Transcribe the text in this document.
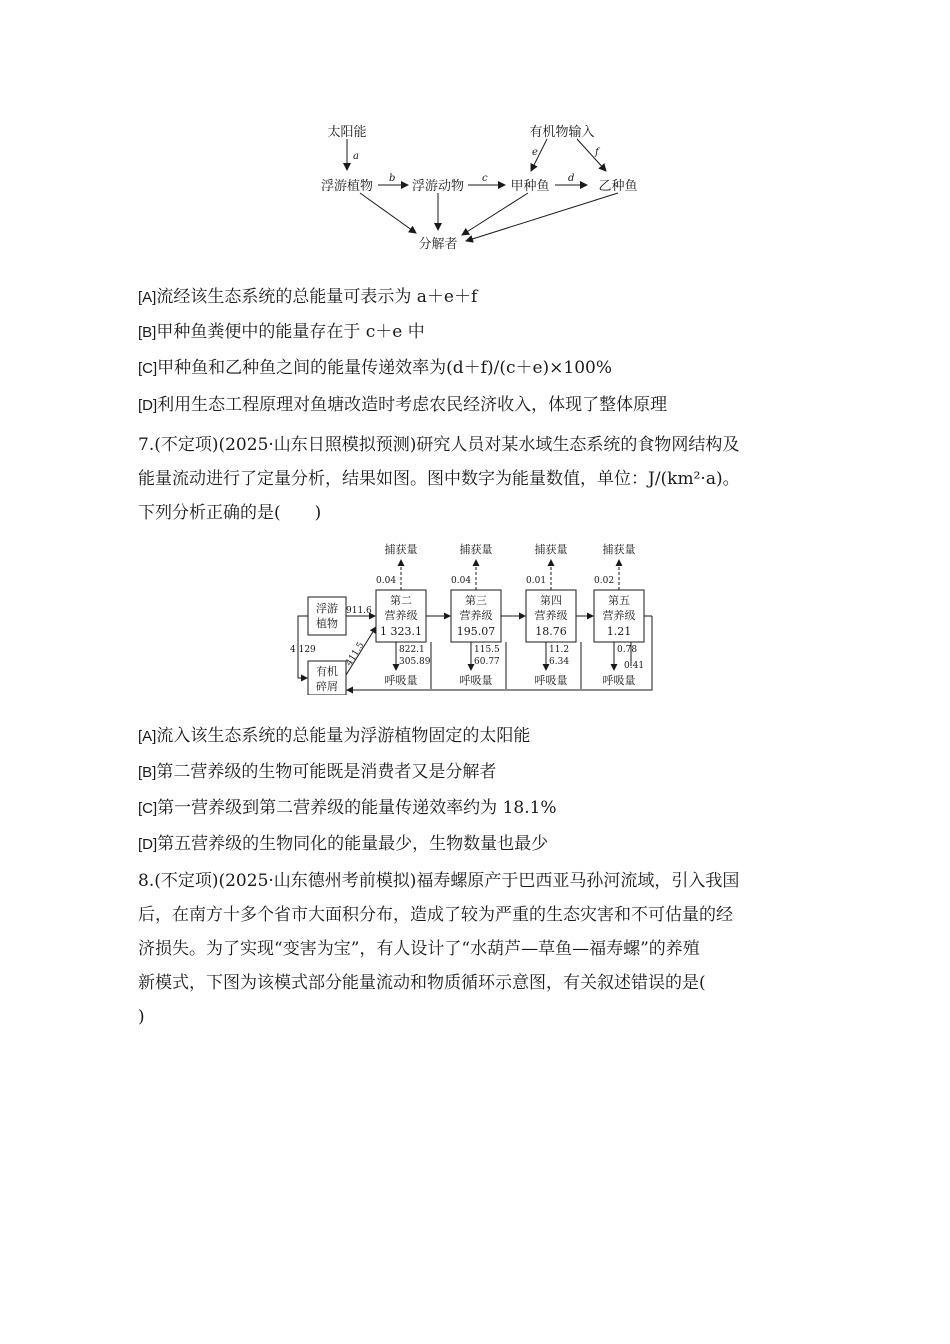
太阳能	有机物输入
浮游植物	浮游动物	甲种鱼	乙种鱼
分解者
a
b	c	d
e	f
[A]流经该生态系统的总能量可表示为 a＋e＋f
[B]甲种鱼粪便中的能量存在于 c＋e 中
[C]甲种鱼和乙种鱼之间的能量传递效率为(d＋f)/(c＋e)×100%
[D]利用生态工程原理对鱼塘改造时考虑农民经济收入，体现了整体原理

7.(不定项)(2025·山东日照模拟预测)研究人员对某水域生态系统的食物网结构及

能量流动进行了定量分析，结果如图。图中数字为能量数值，单位：J/(km²·a)。

下列分析正确的是(　　)

捕获量	捕获量	捕获量	捕获量
0.04	0.04	0.01	0.02
浮游
植物
有机
碎屑
第二
营养级
1 323.1
第三
营养级
195.07
第四
营养级
18.76
第五
营养级
1.21
呼吸量	呼吸量	呼吸量	呼吸量
911.6
411.5
4 129	822.1
305.89
115.5
60.77
11.2
6.34
0.78
0.41
[A]流入该生态系统的总能量为浮游植物固定的太阳能
[B]第二营养级的生物可能既是消费者又是分解者
[C]第一营养级到第二营养级的能量传递效率约为 18.1%
[D]第五营养级的生物同化的能量最少，生物数量也最少

8.(不定项)(2025·山东德州考前模拟)福寿螺原产于巴西亚马孙河流域，引入我国

后，在南方十多个省市大面积分布，造成了较为严重的生态灾害和不可估量的经

济损失。为了实现“变害为宝”，有人设计了“水葫芦—草鱼—福寿螺”的养殖

新模式，下图为该模式部分能量流动和物质循环示意图，有关叙述错误的是(

)
